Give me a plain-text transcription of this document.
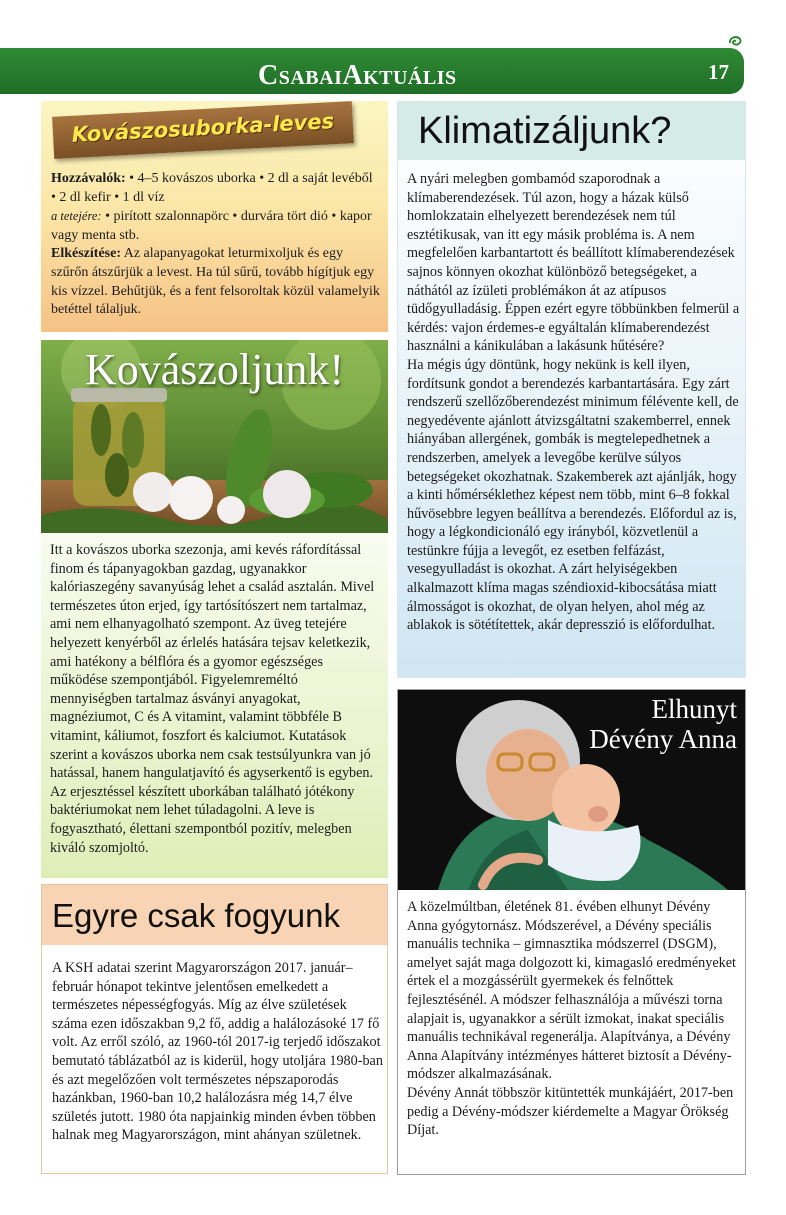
CsabaiAktuális	17
Kovászosuborka-leves
Hozzávalók: • 4–5 kovászos uborka • 2 dl a saját levéből • 2 dl kefir • 1 dl víz
a tetejére: • pirított szalonnapörc • durvára tört dió • kapor vagy menta stb.
Elkészítése: Az alapanyagokat leturmixoljuk és egy szűrőn átszűrjük a levest. Ha túl sűrű, tovább hígítjuk egy kis vízzel. Behűtjük, és a fent felsoroltak közül valamelyik betéttel tálaljuk.
Kovászoljunk!
Itt a kovászos uborka szezonja, ami kevés ráfordítással finom és tápanyagokban gazdag, ugyanakkor kalóriaszegény savanyúság lehet a család asztalán. Mivel természetes úton erjed, így tartósítószert nem tartalmaz, ami nem elhanyagolható szempont. Az üveg tetejére helyezett kenyérből az érlelés hatására tejsav keletkezik, ami hatékony a bélflóra és a gyomor egészséges működése szempontjából. Figyelemreméltó mennyiségben tartalmaz ásványi anyagokat, magnéziumot, C és A vitamint, valamint többféle B vitamint, káliumot, foszfort és kalciumot. Kutatások szerint a kovászos uborka nem csak testsúlyunkra van jó hatással, hanem hangulatjavító és agyserkentő is egyben. Az erjesztéssel készített uborkában található jótékony baktériumokat nem lehet túladagolni. A leve is fogyasztható, élettani szempontból pozitív, melegben kiváló szomjoltó.
Egyre csak fogyunk
A KSH adatai szerint Magyarországon 2017. január–február hónapot tekintve jelentősen emelkedett a természetes népességfogyás. Míg az élve születések száma ezen időszakban 9,2 fő, addig a halálozásoké 17 fő volt. Az erről szóló, az 1960-tól 2017-ig terjedő időszakot bemutató táblázatból az is kiderül, hogy utoljára 1980-ban és azt megelőzően volt természetes népszaporodás hazánkban, 1960-ban 10,2 halálozásra még 14,7 élve születés jutott. 1980 óta napjainkig minden évben többen halnak meg Magyarországon, mint ahányan születnek.
Klimatizáljunk?
A nyári melegben gombamód szaporodnak a klímaberendezések. Túl azon, hogy a házak külső homlokzatain elhelyezett berendezések nem túl esztétikusak, van itt egy másik probléma is. A nem megfelelően karbantartott és beállított klímaberendezések sajnos könnyen okozhat különböző betegségeket, a náthától az ízületi problémákon át az atípusos tüdőgyulladásig. Éppen ezért egyre többünkben felmerül a kérdés: vajon érdemes-e egyáltalán klímaberendezést használni a kánikulában a lakásunk hűtésére?
Ha mégis úgy döntünk, hogy nekünk is kell ilyen, fordítsunk gondot a berendezés karbantartására. Egy zárt rendszerű szellőzőberendezést minimum félévente kell, de negyedévente ajánlott átvizsgáltatni szakemberrel, ennek hiányában allergének, gombák is megtelepedhetnek a rendszerben, amelyek a levegőbe kerülve súlyos betegségeket okozhatnak. Szakemberek azt ajánlják, hogy a kinti hőmérséklethez képest nem több, mint 6–8 fokkal hűvösebbre legyen beállítva a berendezés. Előfordul az is, hogy a légkondicionáló egy irányból, közvetlenül a testünkre fújja a levegőt, ez esetben felfázást, vesegyulladást is okozhat. A zárt helyiségekben alkalmazott klíma magas széndioxid-kibocsátása miatt álmosságot is okozhat, de olyan helyen, ahol még az ablakok is sötétítettek, akár depresszió is előfordulhat.
Elhunyt
Dévény Anna
A közelmúltban, életének 81. évében elhunyt Dévény Anna gyógytornász. Módszerével, a Dévény speciális manuális technika – gimnasztika módszerrel (DSGM), amelyet saját maga dolgozott ki, kimagasló eredményeket értek el a mozgássérült gyermekek és felnőttek fejlesztésénél. A módszer felhasználója a művészi torna alapjait is, ugyanakkor a sérült izmokat, inakat speciális manuális technikával regenerálja. Alapítványa, a Dévény Anna Alapítvány intézményes hátteret biztosít a Dévény-módszer alkalmazásának.
Dévény Annát többször kitüntették munkájáért, 2017-ben pedig a Dévény-módszer kiérdemelte a Magyar Örökség Díjat.
